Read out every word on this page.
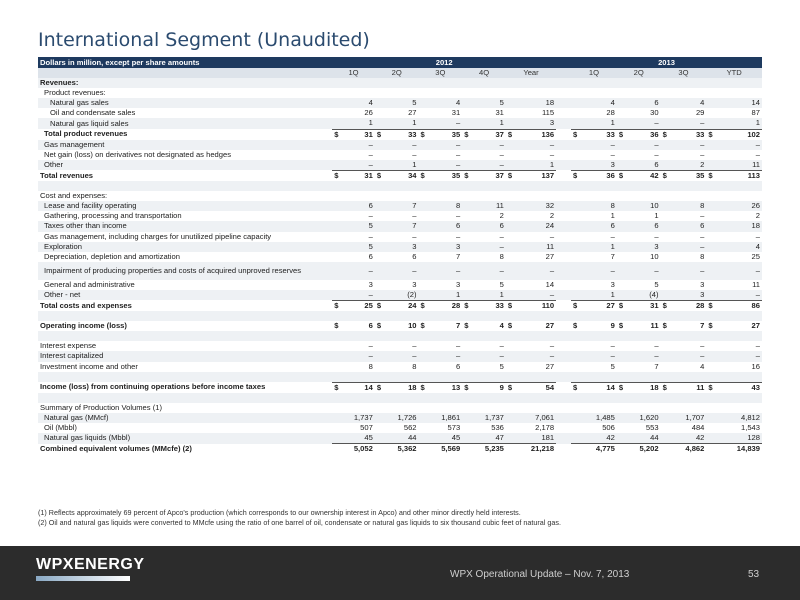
International Segment (Unaudited)
Dollars in million, except per share amounts	2012											2013							
	1Q		2Q		3Q		4Q		Year			1Q		2Q		3Q		YTD	
Revenues:																			
Product revenues:																			
Natural gas sales		4		5		4		5		18			4		6		4		14
Oil and condensate sales		26		27		31		31		115			28		30		29		87
Natural gas liquid sales		1		1		–		1		3			1		–		–		1
Total product revenues	$	31	$	33	$	35	$	37	$	136		$	33	$	36	$	33	$	102
Gas management		–		–		–		–		–			–		–		–		–
Net gain (loss) on derivatives not designated as hedges		–		–		–		–		–			–		–		–		–
Other		–		1		–		–		1			3		6		2		11
Total revenues	$	31	$	34	$	35	$	37	$	137		$	36	$	42	$	35	$	113

Cost and expenses:																			
Lease and facility operating		6		7		8		11		32			8		10		8		26
Gathering, processing and transportation		–		–		–		2		2			1		1		–		2
Taxes other than income		5		7		6		6		24			6		6		6		18
Gas management, including charges for unutilized pipeline capacity		–		–		–		–		–			–		–		–		–
Exploration		5		3		3		–		11			1		3		–		4
Depreciation, depletion and amortization		6		6		7		8		27			7		10		8		25
Impairment of producing properties and costs of acquired unproved reserves		–		–		–		–		–			–		–		–		–
General and administrative		3		3		3		5		14			3		5		3		11
Other - net		–		(2)		1		1		–			1		(4)		3		–
Total costs and expenses	$	25	$	24	$	28	$	33	$	110		$	27	$	31	$	28	$	86

Operating income (loss)	$	6	$	10	$	7	$	4	$	27		$	9	$	11	$	7	$	27

Interest expense		–		–		–		–		–			–		–		–		–
Interest capitalized		–		–		–		–		–			–		–		–		–
Investment income and other		8		8		6		5		27			5		7		4		16

Income (loss) from continuing operations before income taxes	$	14	$	18	$	13	$	9	$	54		$	14	$	18	$	11	$	43

Summary of Production Volumes (1)																			
Natural gas (MMcf)		1,737		1,726		1,861		1,737		7,061			1,485		1,620		1,707		4,812
Oil (Mbbl)		507		562		573		536		2,178			506		553		484		1,543
Natural gas liquids (Mbbl)		45		44		45		47		181			42		44		42		128
Combined equivalent volumes (MMcfe) (2)		5,052		5,362		5,569		5,235		21,218			4,775		5,202		4,862		14,839
(1) Reflects approximately 69 percent of Apco's production (which corresponds to our ownership interest in Apco) and other minor directly held interests.
(2) Oil and natural gas liquids were converted to MMcfe using the ratio of one barrel of oil, condensate or natural gas liquids to six thousand cubic feet of natural gas.
WPXENERGY
WPX Operational Update – Nov. 7, 2013	53
